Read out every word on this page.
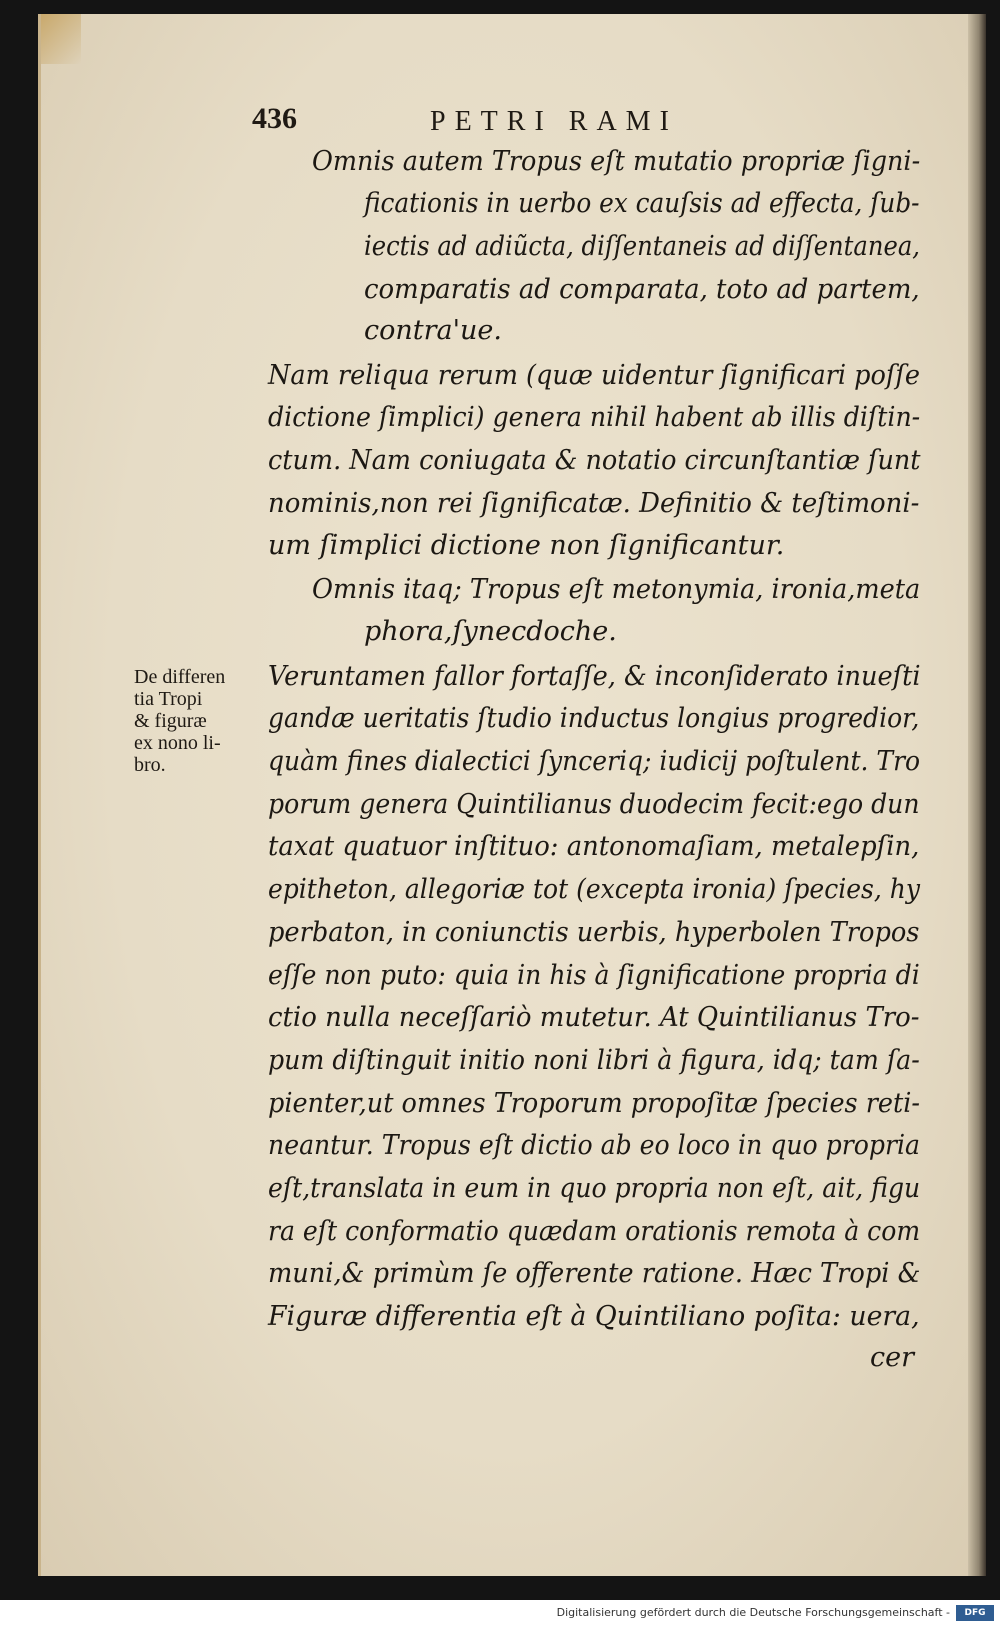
436	PETRI RAMI
Omnis autem Tropus eſt mutatio propriæ ſigni-
ficationis in uerbo ex cauſsis ad effecta, ſub-
iectis ad adiũcta, diſſentaneis ad diſſentanea,
comparatis ad comparata, toto ad partem,
contra'ue.
Nam reliqua rerum (quæ uidentur ſignificari poſſe
dictione ſimplici) genera nihil habent ab illis diſtin-
ctum. Nam coniugata & notatio circunſtantiæ ſunt
nominis,non rei ſignificatæ. Definitio & teſtimoni-
um ſimplici dictione non ſignificantur.
Omnis itaq; Tropus eſt metonymia, ironia,meta
phora,ſynecdoche.
Veruntamen fallor fortaſſe, & inconſiderato inueſti
gandæ ueritatis ſtudio inductus longius progredior,
quàm fines dialectici ſynceriq; iudicij poſtulent. Tro
porum genera Quintilianus duodecim fecit:ego dun
taxat quatuor inſtituo: antonomaſiam, metalepſin,
epitheton, allegoriæ tot (excepta ironia) ſpecies, hy
perbaton, in coniunctis uerbis, hyperbolen Tropos
eſſe non puto: quia in his à ſignificatione propria di
ctio nulla neceſſariò mutetur. At Quintilianus Tro-
pum diſtinguit initio noni libri à figura, idq; tam ſa-
pienter,ut omnes Troporum propoſitæ ſpecies reti-
neantur. Tropus eſt dictio ab eo loco in quo propria
eſt,translata in eum in quo propria non eſt, ait, figu
ra eſt conformatio quædam orationis remota à com
muni,& primùm ſe offerente ratione. Hæc Tropi &
Figuræ differentia eſt à Quintiliano poſita: uera,
cer
De differen
tia Tropi
& figuræ
ex nono li-
bro.
Digitalisierung gefördert durch die Deutsche Forschungsgemeinschaft -	DFG
